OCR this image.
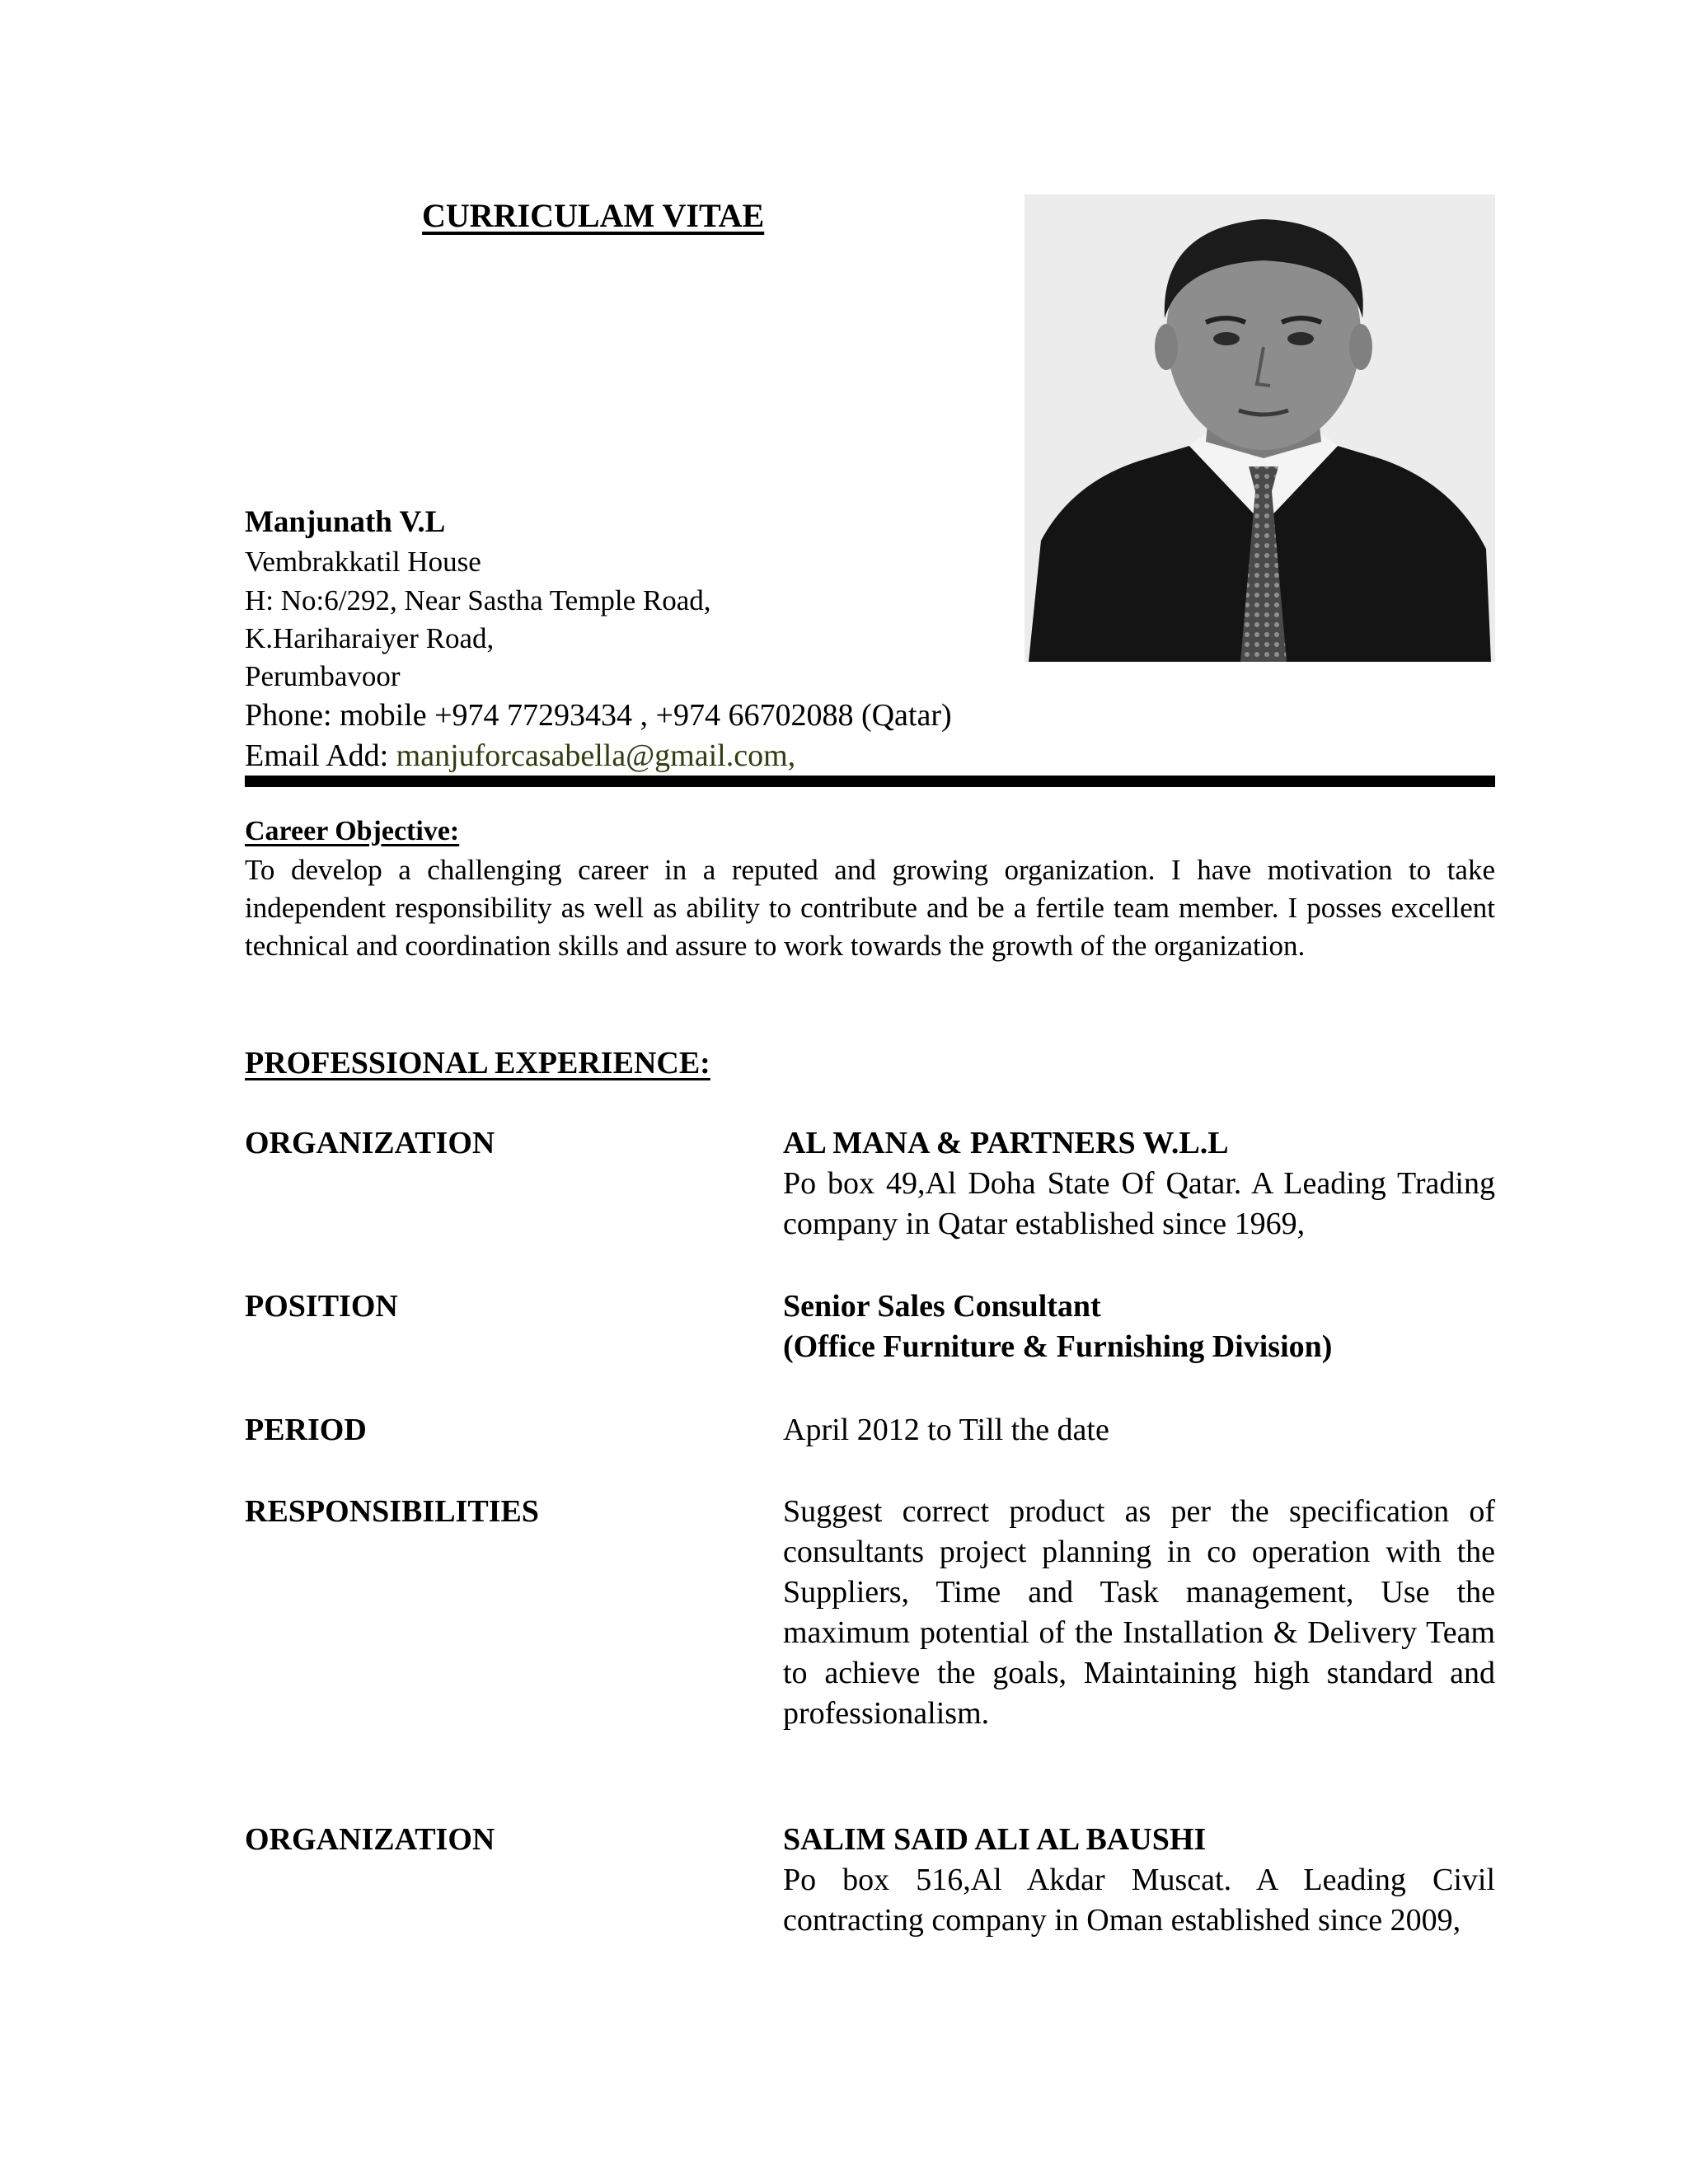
CURRICULAM VITAE
Manjunath V.L
Vembrakkatil House
H: No:6/292, Near Sastha Temple Road,
K.Hariharaiyer Road,
Perumbavoor
Phone: mobile +974 77293434 , +974 66702088 (Qatar)
Email Add: manjuforcasabella@gmail.com,
Career Objective:
To develop a challenging career in a reputed and growing organization. I have motivation to take independent responsibility as well as ability to contribute and be a fertile team member. I posses excellent technical and coordination skills and assure to work towards the growth of the organization.
PROFESSIONAL EXPERIENCE:
ORGANIZATION	AL MANA & PARTNERS W.L.L
Po box 49,Al Doha State Of Qatar. A Leading Trading company in Qatar established since 1969,
POSITION	Senior Sales Consultant
(Office Furniture & Furnishing Division)
PERIOD	April 2012 to Till the date
RESPONSIBILITIES	Suggest correct product as per the specification of consultants project planning in co operation with the Suppliers, Time and Task management, Use the maximum potential of the Installation & Delivery Team to achieve the goals, Maintaining high standard and professionalism.
ORGANIZATION	SALIM SAID ALI AL BAUSHI
Po box 516,Al Akdar Muscat. A Leading Civil contracting company in Oman established since 2009,
